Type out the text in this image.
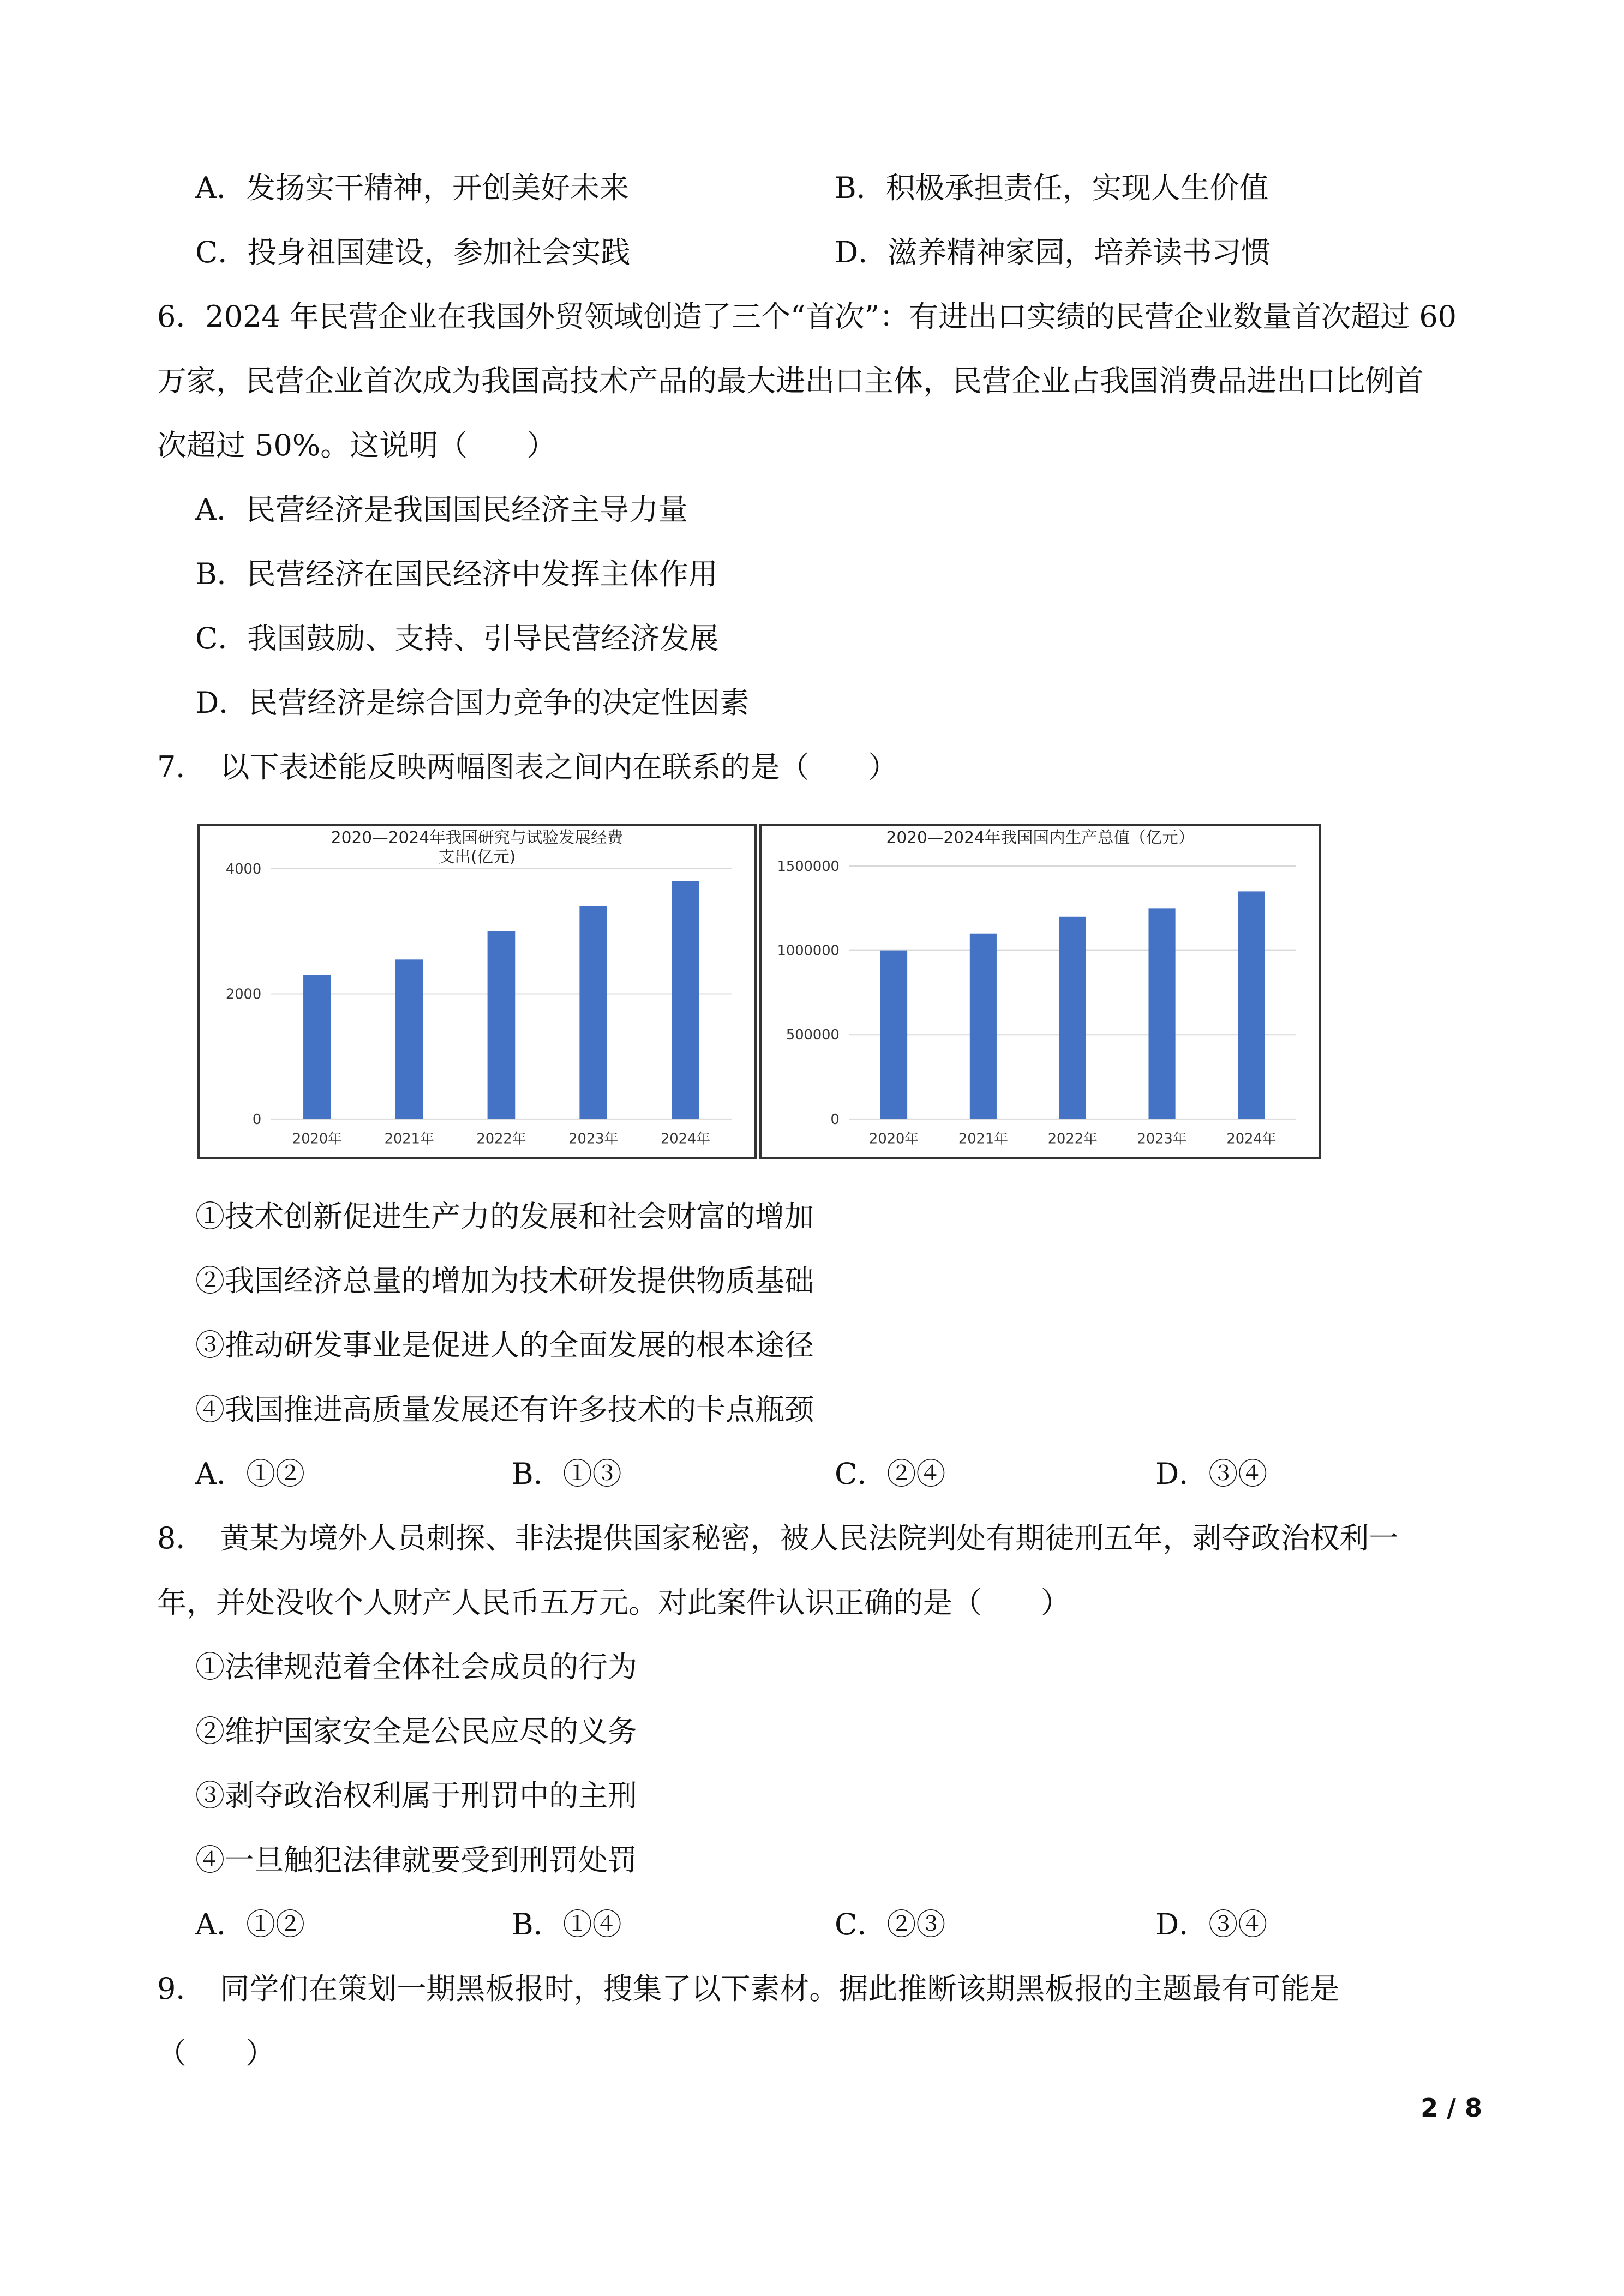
A．发扬实干精神，开创美好未来	B．积极承担责任，实现人生价值
C．投身祖国建设，参加社会实践	D．滋养精神家园，培养读书习惯
6．2024 年民营企业在我国外贸领域创造了三个“首次”：有进出口实绩的民营企业数量首次超过 60
万家，民营企业首次成为我国高技术产品的最大进出口主体，民营企业占我国消费品进出口比例首
次超过 50%。这说明（　　）
A．民营经济是我国国民经济￼主导力量
B．民营经济在国民经济中发挥主体作用
C．我国鼓励、支持、引导民营经济发展
D．民营经济是综合国力竞争的决定性因素
7．　以下表述能反映两幅图表之间内在联系的是（　　）
2020—2024年我国研究与试验发展经费
支出(亿元)
4000
2000
0
2020年	2021年	2022年	2023年	2024年
2020—2024年我国国内生产总值（亿元）
1500000
1000000
500000
0
2020年	2021年	2022年	2023年	2024年
①技术创新促进生产力的发展和社会财富的增加
②我国经济总量的增加为技术研发提供物质基础
③推动研发事业是促进人的全面发展的根本途径
④我国推进高质量发展还有许多技术的卡点瓶颈
A．①②	B．①③	C．②④	D．③④
8．　黄某为境外人员刺探、非法提供国家秘密，被人民法院判处有期徒刑五年，剥夺政治权利一
年，并处没收个人财产人民币五万元。对此案件认识正确的是（　　）
①法律规范着全体社会成员的行为
②维护国家安全是公民应尽的义务
③剥夺政治权利属于刑罚中的主刑
④一旦触犯法律就要受到刑罚处罚
A．①②	B．①④	C．②③	D．③④
9．　同学们在策划一期黑板报时，搜集了以下素材。据此推断该期黑板报的主题最有可能是
（　　）
2 / 8
